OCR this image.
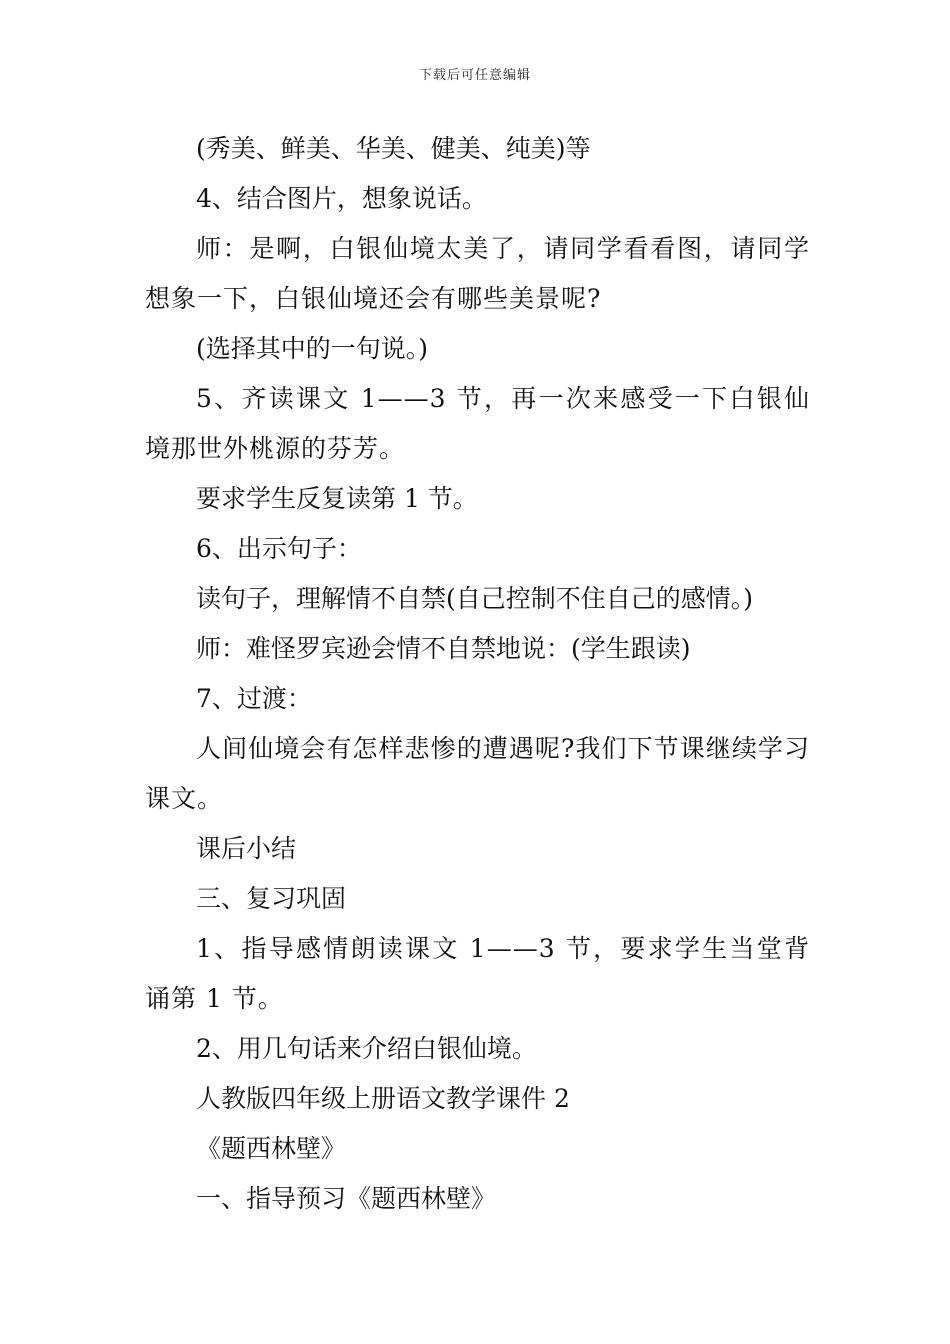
下载后可任意编辑
(秀美、鲜美、华美、健美、纯美)等
4、结合图片，想象说话。
师：是啊，白银仙境太美了，请同学看看图，请同学想象一下，白银仙境还会有哪些美景呢?
(选择其中的一句说。)
5、齐读课文 1——3 节，再一次来感受一下白银仙境那世外桃源的芬芳。
要求学生反复读第 1 节。
6、出示句子：
读句子，理解情不自禁(自己控制不住自己的感情。)
师：难怪罗宾逊会情不自禁地说：(学生跟读)
7、过渡：
人间仙境会有怎样悲惨的遭遇呢?我们下节课继续学习课文。
课后小结
三、复习巩固
1、指导感情朗读课文 1——3 节，要求学生当堂背诵第 1 节。
2、用几句话来介绍白银仙境。
人教版四年级上册语文教学课件 2
《题西林壁》
一、指导预习《题西林壁》
